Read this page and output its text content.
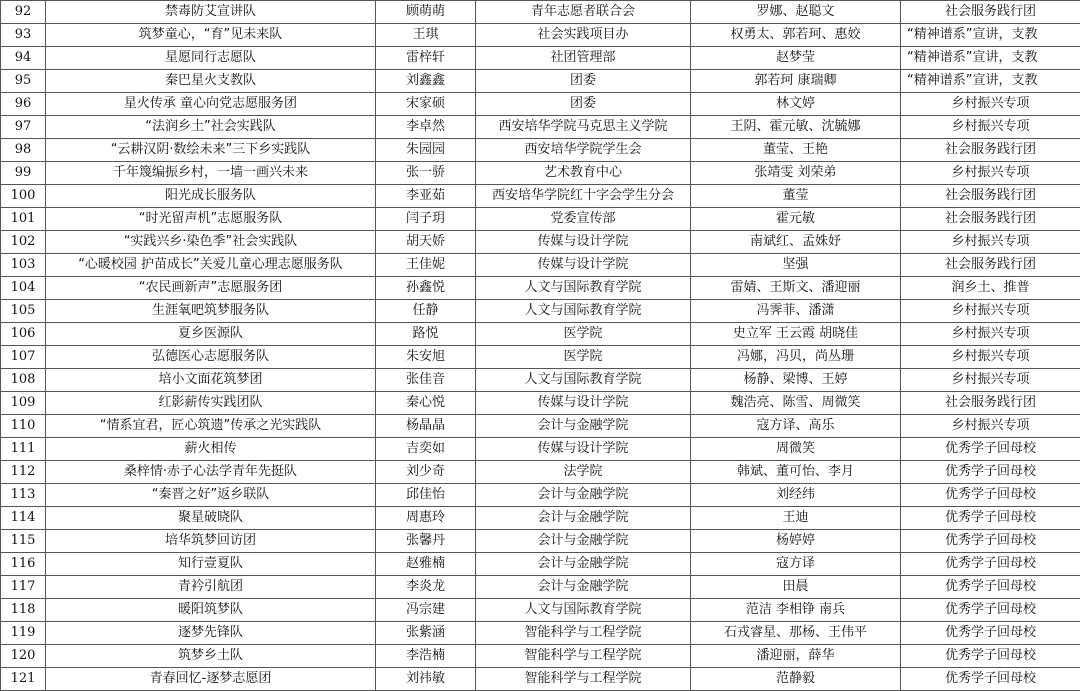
92	禁毒防艾宣讲队	顾萌萌	青年志愿者联合会	罗娜、赵聪文	社会服务践行团
93	筑梦童心，“育”见未来队	王琪	社会实践项目办	权勇太、郭若珂、惠姣	“精神谱系”宣讲，支教
94	星愿同行志愿队	雷梓轩	社团管理部	赵梦莹	“精神谱系”宣讲，支教
95	秦巴星火支教队	刘鑫鑫	团委	郭若珂 康瑞卿	“精神谱系”宣讲，支教
96	星火传承 童心向党志愿服务团	宋家硕	团委	林文婷	乡村振兴专项
97	“法润乡土”社会实践队	李卓然	西安培华学院马克思主义学院	王阴、霍元敏、沈毓娜	乡村振兴专项
98	“云耕汉阴·数绘未来”三下乡实践队	朱园园	西安培华学院学生会	董莹、王艳	社会服务践行团
99	千年篾编振乡村，一墙一画兴未来	张一骄	艺术教育中心	张靖雯 刘荣弟	乡村振兴专项
100	阳光成长服务队	李亚茹	西安培华学院红十字会学生分会	董莹	社会服务践行团
101	“时光留声机”志愿服务队	闫子玥	党委宣传部	霍元敏	社会服务践行团
102	“实践兴乡·染色季”社会实践队	胡天娇	传媒与设计学院	南斌红、孟姝妤	乡村振兴专项
103	“心暖校园 护苗成长”关爱儿童心理志愿服务队	王佳妮	传媒与设计学院	坚强	社会服务践行团
104	“农民画新声”志愿服务团	孙鑫悦	人文与国际教育学院	雷婧、王斯文、潘迎丽	润乡土、推普
105	生涯氧吧筑梦服务队	任静	人文与国际教育学院	冯霁菲、潘潇	乡村振兴专项
106	夏乡医源队	路悦	医学院	史立军 王云霞 胡晓佳	乡村振兴专项
107	弘德医心志愿服务队	朱安旭	医学院	冯娜，冯贝，尚丛珊	乡村振兴专项
108	培小文面花筑梦团	张佳音	人文与国际教育学院	杨静、梁博、王婷	乡村振兴专项
109	红影薪传实践团队	秦心悦	传媒与设计学院	魏浩亮、陈雪、周微笑	社会服务践行团
110	“情系宜君，匠心筑遗”传承之光实践队	杨晶晶	会计与金融学院	寇方译、高乐	乡村振兴专项
111	薪火相传	吉奕如	传媒与设计学院	周微笑	优秀学子回母校
112	桑梓情·赤子心法学青年先挺队	刘少奇	法学院	韩斌、董可怡、李月	优秀学子回母校
113	“秦晋之好”返乡联队	邱佳怡	会计与金融学院	刘经纬	优秀学子回母校
114	聚星破晓队	周惠玲	会计与金融学院	王迪	优秀学子回母校
115	培华筑梦回访团	张馨丹	会计与金融学院	杨婷婷	优秀学子回母校
116	知行壹夏队	赵雅楠	会计与金融学院	寇方译	优秀学子回母校
117	青衿引航团	李炎龙	会计与金融学院	田晨	优秀学子回母校
118	暖阳筑梦队	冯宗建	人文与国际教育学院	范洁 李相铮 南兵	优秀学子回母校
119	逐梦先锋队	张紫涵	智能科学与工程学院	石戎睿星、那杨、王伟平	优秀学子回母校
120	筑梦乡土队	李浩楠	智能科学与工程学院	潘迎丽，薛华	优秀学子回母校
121	青春回忆-逐梦志愿团	刘祎敏	智能科学与工程学院	范静毅	优秀学子回母校
